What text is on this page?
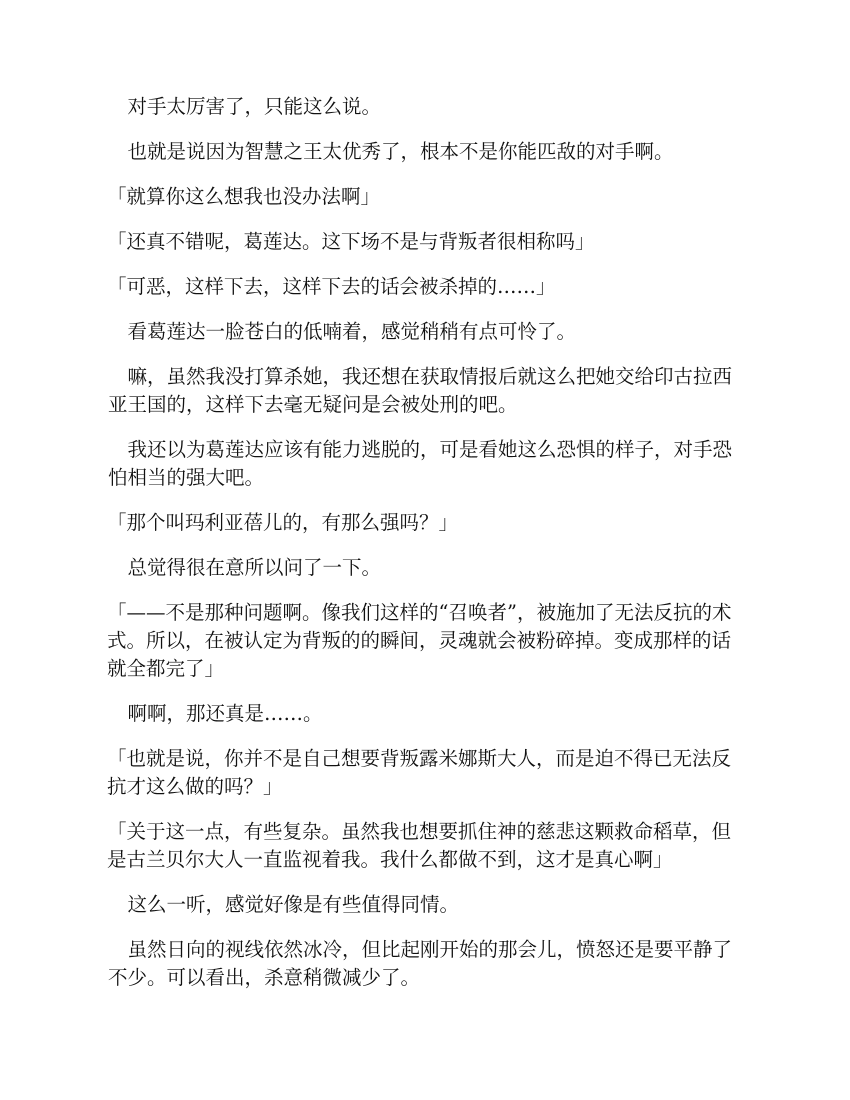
对手太厉害了，只能这么说。

也就是说因为智慧之王太优秀了，根本不是你能匹敌的对手啊。

「就算你这么想我也没办法啊」

「还真不错呢，葛莲达。这下场不是与背叛者很相称吗」

「可恶，这样下去，这样下去的话会被杀掉的……」

看葛莲达一脸苍白的低喃着，感觉稍稍有点可怜了。

嘛，虽然我没打算杀她，我还想在获取情报后就这么把她交给印古拉西亚王国的，这样下去毫无疑问是会被处刑的吧。

我还以为葛莲达应该有能力逃脱的，可是看她这么恐惧的样子，对手恐怕相当的强大吧。

「那个叫玛利亚蓓儿的，有那么强吗？」

总觉得很在意所以问了一下。

「——不是那种问题啊。像我们这样的“召唤者”，被施加了无法反抗的术式。所以，在被认定为背叛的的瞬间，灵魂就会被粉碎掉。变成那样的话就全都完了」

啊啊，那还真是……。

「也就是说，你并不是自己想要背叛露米娜斯大人，而是迫不得已无法反抗才这么做的吗？」

「关于这一点，有些复杂。虽然我也想要抓住神的慈悲这颗救命稻草，但是古兰贝尔大人一直监视着我。我什么都做不到，这才是真心啊」

这么一听，感觉好像是有些值得同情。

虽然日向的视线依然冰冷，但比起刚开始的那会儿，愤怒还是要平静了不少。可以看出，杀意稍微减少了。
